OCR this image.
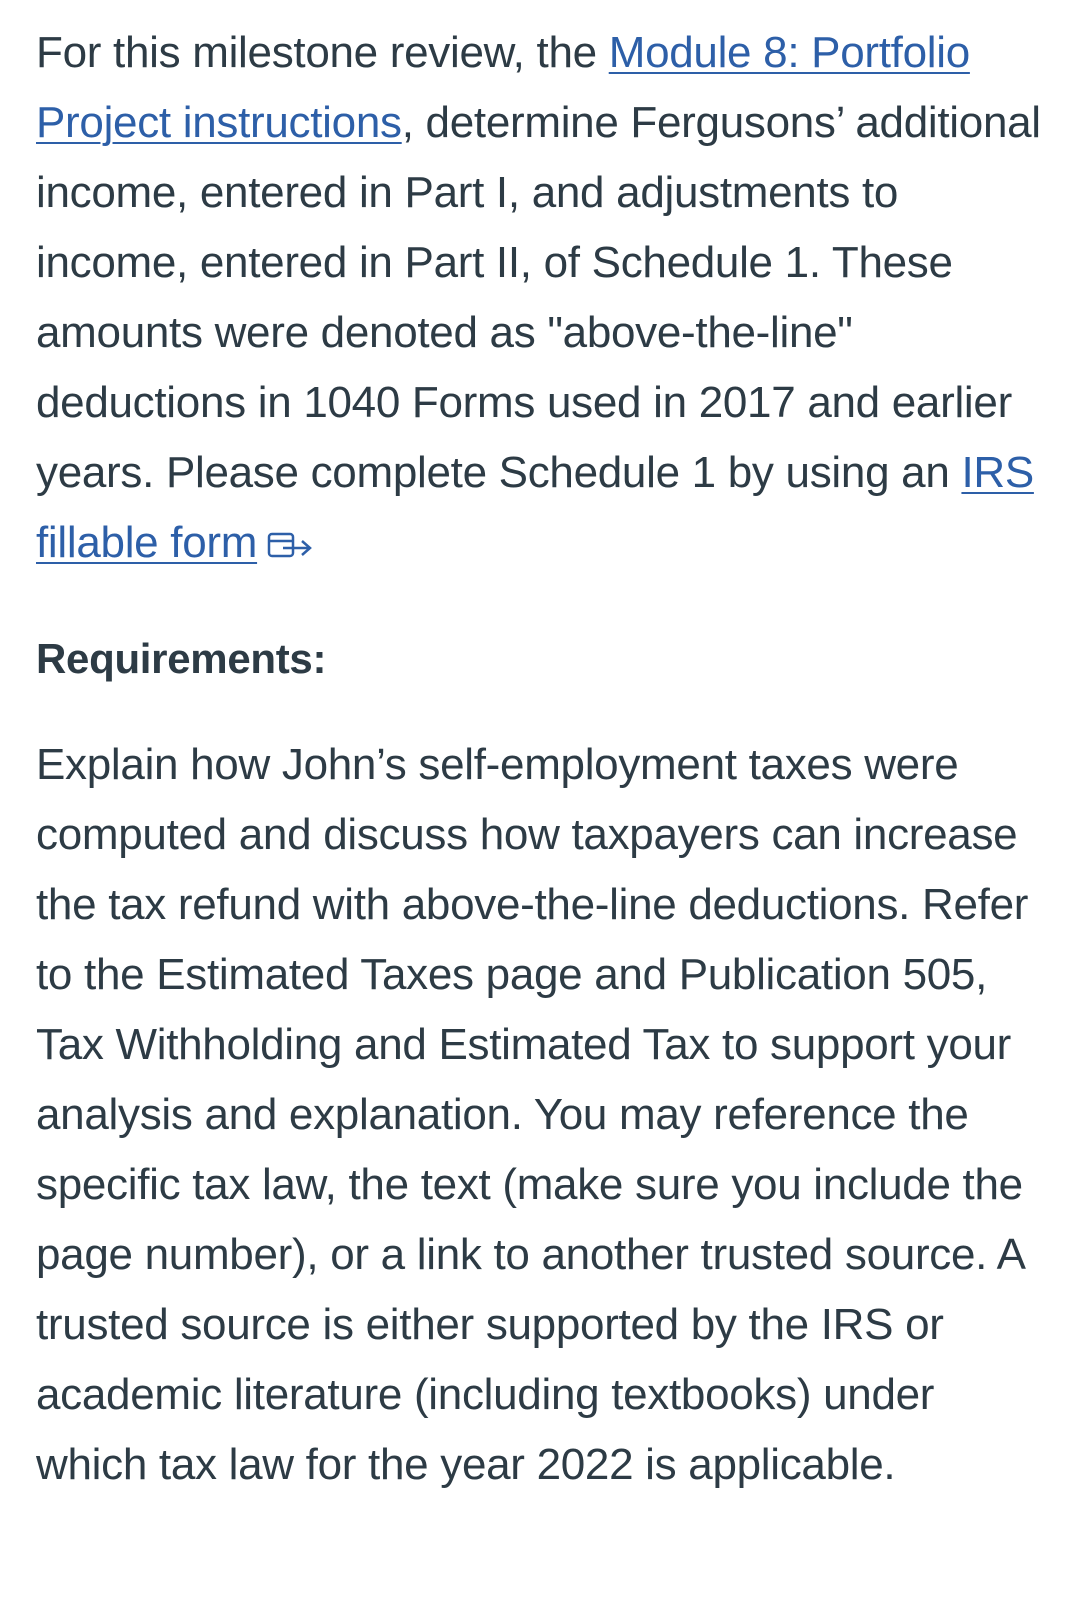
For this milestone review, the Module 8: Portfolio Project instructions, determine Fergusons’ additional income, entered in Part I, and adjustments to income, entered in Part II, of Schedule 1. These amounts were denoted as "above-the-line" deductions in 1040 Forms used in 2017 and earlier years. Please complete Schedule 1 by using an IRS fillable form

Requirements:

Explain how John’s self-employment taxes were computed and discuss how taxpayers can increase the tax refund with above-the-line deductions. Refer to the Estimated Taxes page and Publication 505, Tax Withholding and Estimated Tax to support your analysis and explanation. You may reference the specific tax law, the text (make sure you include the page number), or a link to another trusted source. A trusted source is either supported by the IRS or academic literature (including textbooks) under which tax law for the year 2022 is applicable.
